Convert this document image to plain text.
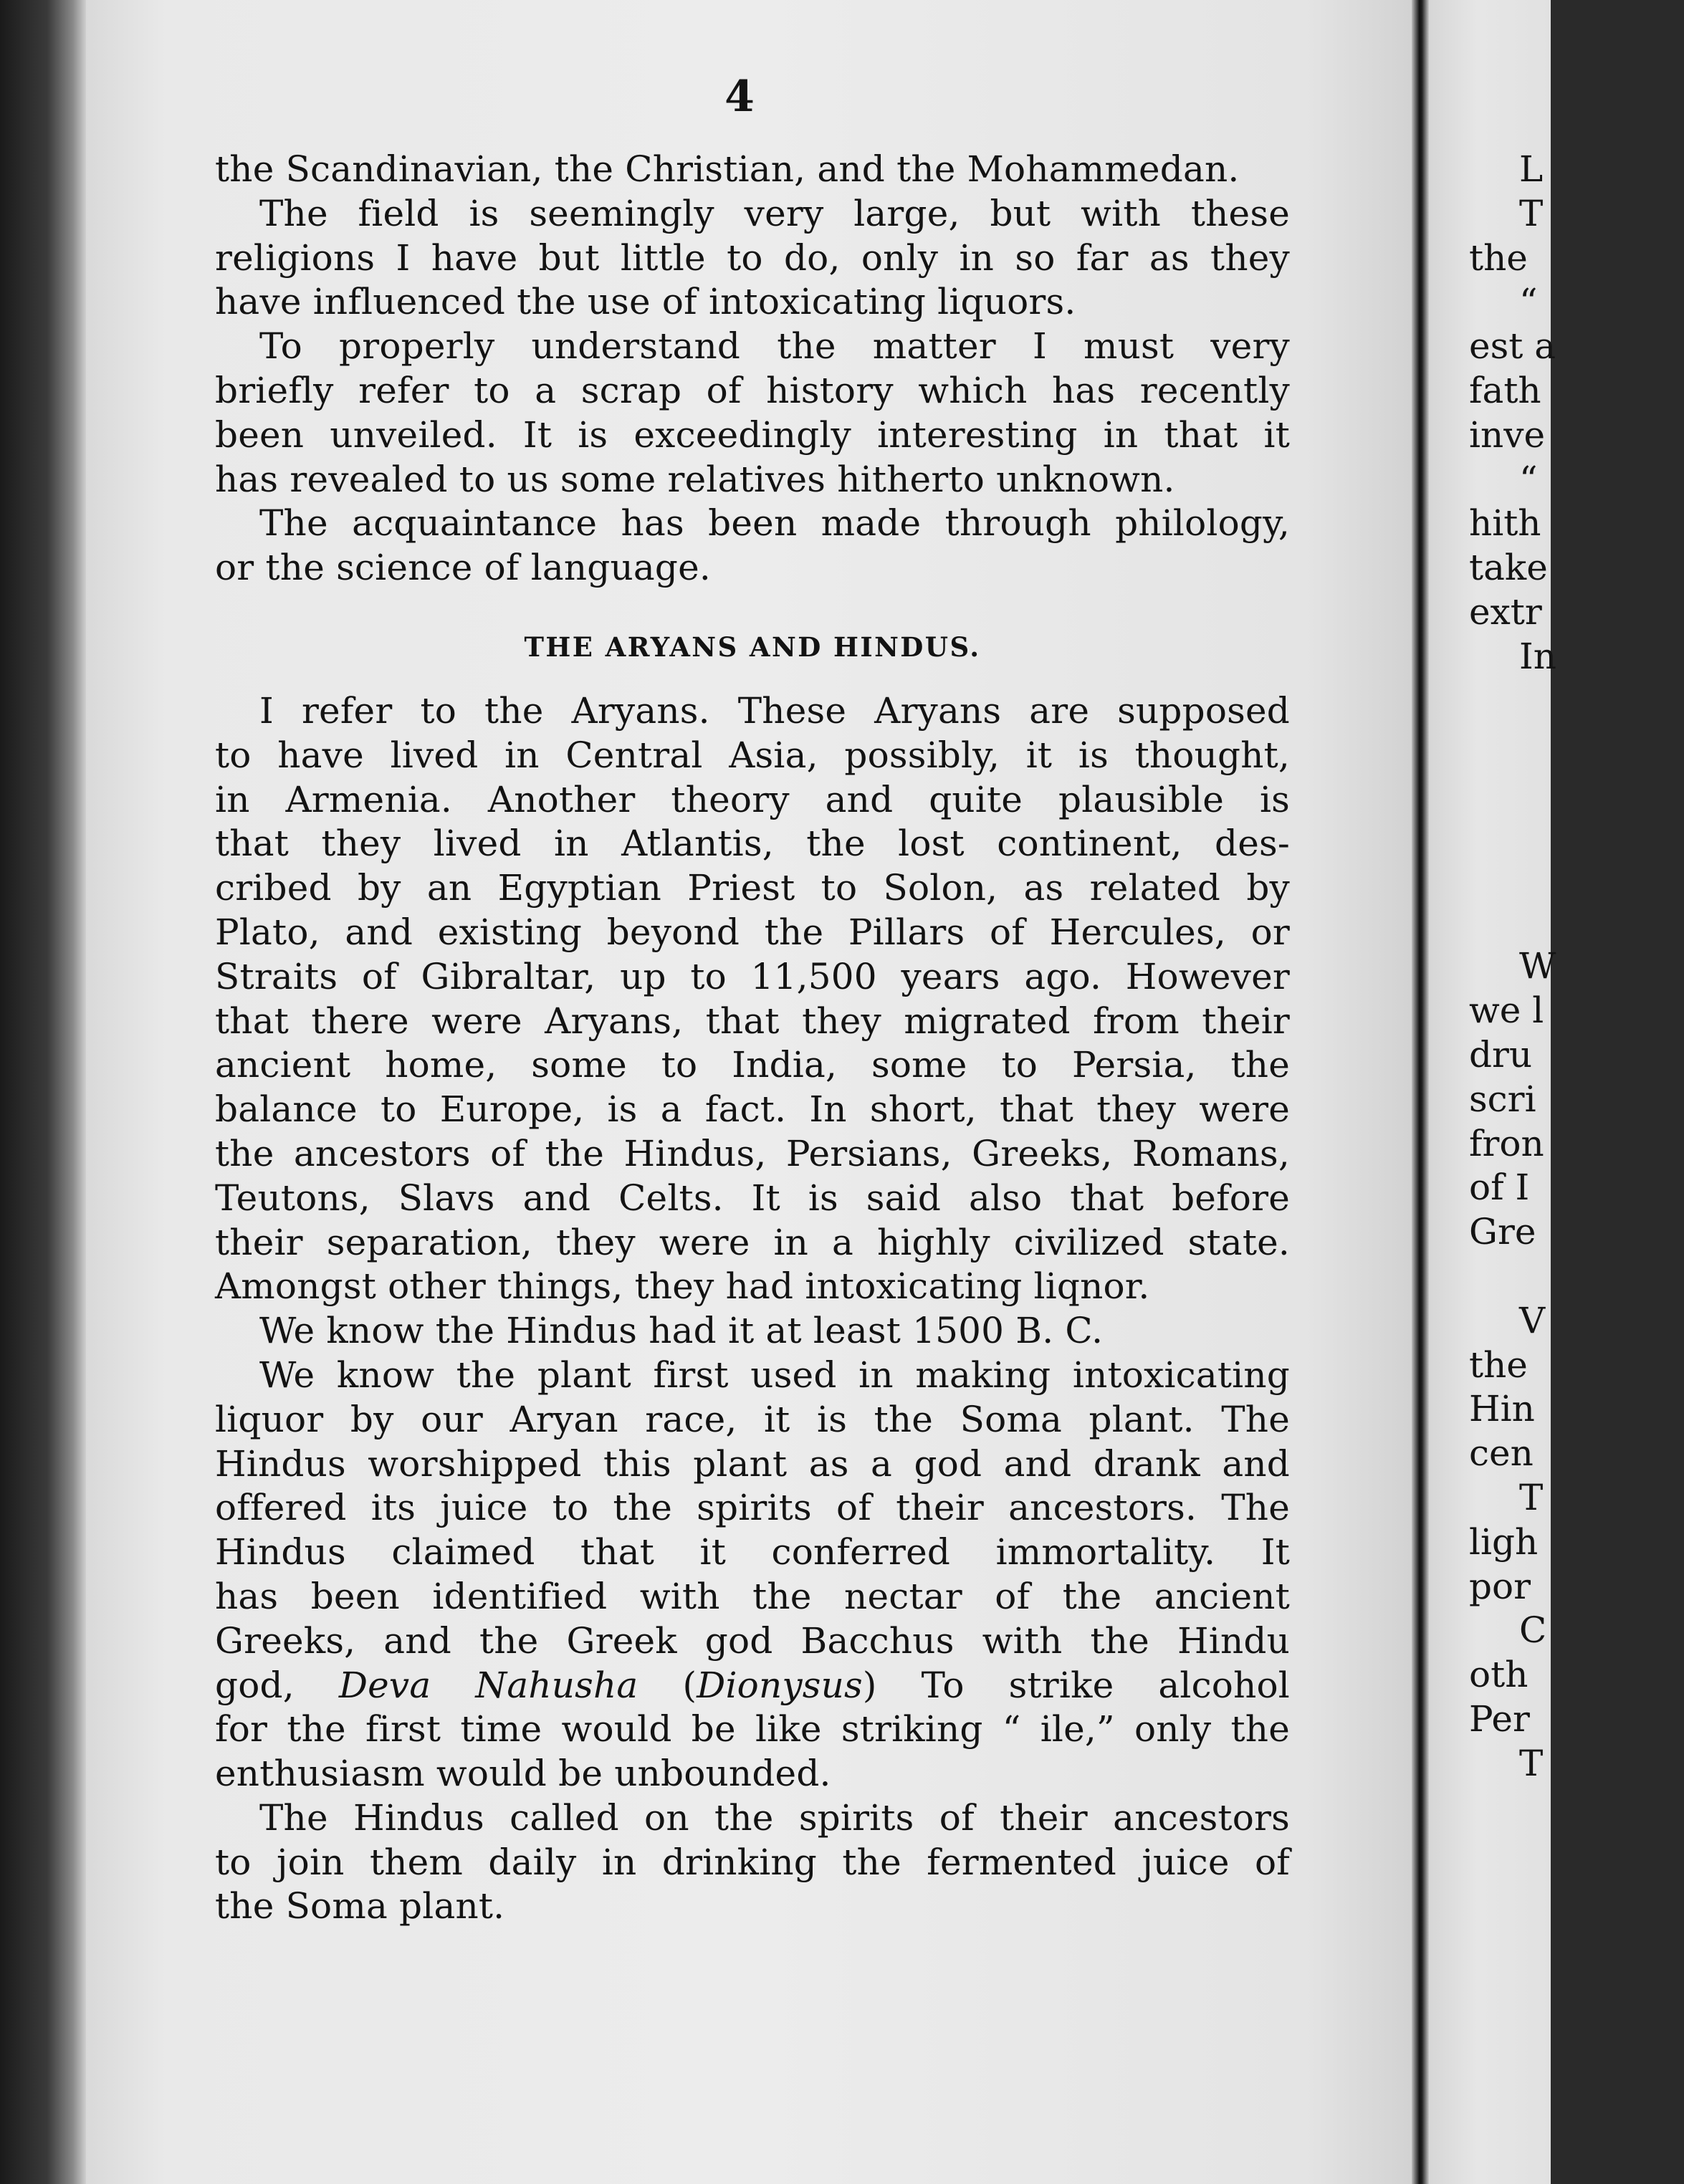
4
the Scandinavian, the Christian, and the Mohammedan.
The field is seemingly very large, but with these
religions I have but little to do, only in so far as they
have influenced the use of intoxicating liquors.
To properly understand the matter I must very
briefly refer to a scrap of history which has recently
been unveiled. It is exceedingly interesting in that it
has revealed to us some relatives hitherto unknown.
The acquaintance has been made through philology,
or the science of language.
THE ARYANS AND HINDUS.
I refer to the Aryans. These Aryans are supposed
to have lived in Central Asia, possibly, it is thought,
in Armenia. Another theory and quite plausible is
that they lived in Atlantis, the lost continent, des-
cribed by an Egyptian Priest to Solon, as related by
Plato, and existing beyond the Pillars of Hercules, or
Straits of Gibraltar, up to 11,500 years ago. However
that there were Aryans, that they migrated from their
ancient home, some to India, some to Persia, the
balance to Europe, is a fact. In short, that they were
the ancestors of the Hindus, Persians, Greeks, Romans,
Teutons, Slavs and Celts. It is said also that before
their separation, they were in a highly civilized state.
Amongst other things, they had intoxicating liqnor.
We know the Hindus had it at least 1500 B. C.
We know the plant first used in making intoxicating
liquor by our Aryan race, it is the Soma plant. The
Hindus worshipped this plant as a god and drank and
offered its juice to the spirits of their ancestors. The
Hindus claimed that it conferred immortality. It
has been identified with the nectar of the ancient
Greeks, and the Greek god Bacchus with the Hindu
god, Deva Nahusha (Dionysus) To strike alcohol
for the first time would be like striking “ ile,” only the
enthusiasm would be unbounded.
The Hindus called on the spirits of their ancestors
to join them daily in drinking the fermented juice of
the Soma plant.
L
T
the
“
est a
fath
inve
“
hith
take
extr
In
W
we l
dru
scri
fron
of I
Gre
V
the
Hin
cen
T
ligh
por
C
oth
Per
T
